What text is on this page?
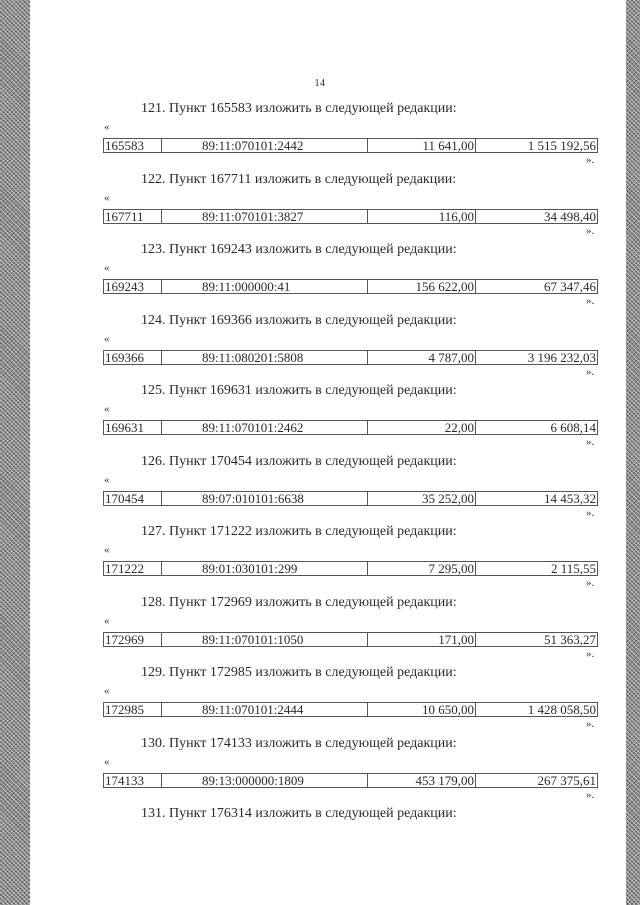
14
121. Пункт 165583 изложить в следующей редакции:
«
165583	89:11:070101:2442	11 641,00	1 515 192,56
».
122. Пункт 167711 изложить в следующей редакции:
«
167711	89:11:070101:3827	116,00	34 498,40
».
123. Пункт 169243 изложить в следующей редакции:
«
169243	89:11:000000:41	156 622,00	67 347,46
».
124. Пункт 169366 изложить в следующей редакции:
«
169366	89:11:080201:5808	4 787,00	3 196 232,03
».
125. Пункт 169631 изложить в следующей редакции:
«
169631	89:11:070101:2462	22,00	6 608,14
».
126. Пункт 170454 изложить в следующей редакции:
«
170454	89:07:010101:6638	35 252,00	14 453,32
».
127. Пункт 171222 изложить в следующей редакции:
«
171222	89:01:030101:299	7 295,00	2 115,55
».
128. Пункт 172969 изложить в следующей редакции:
«
172969	89:11:070101:1050	171,00	51 363,27
».
129. Пункт 172985 изложить в следующей редакции:
«
172985	89:11:070101:2444	10 650,00	1 428 058,50
».
130. Пункт 174133 изложить в следующей редакции:
«
174133	89:13:000000:1809	453 179,00	267 375,61
».
131. Пункт 176314 изложить в следующей редакции:
